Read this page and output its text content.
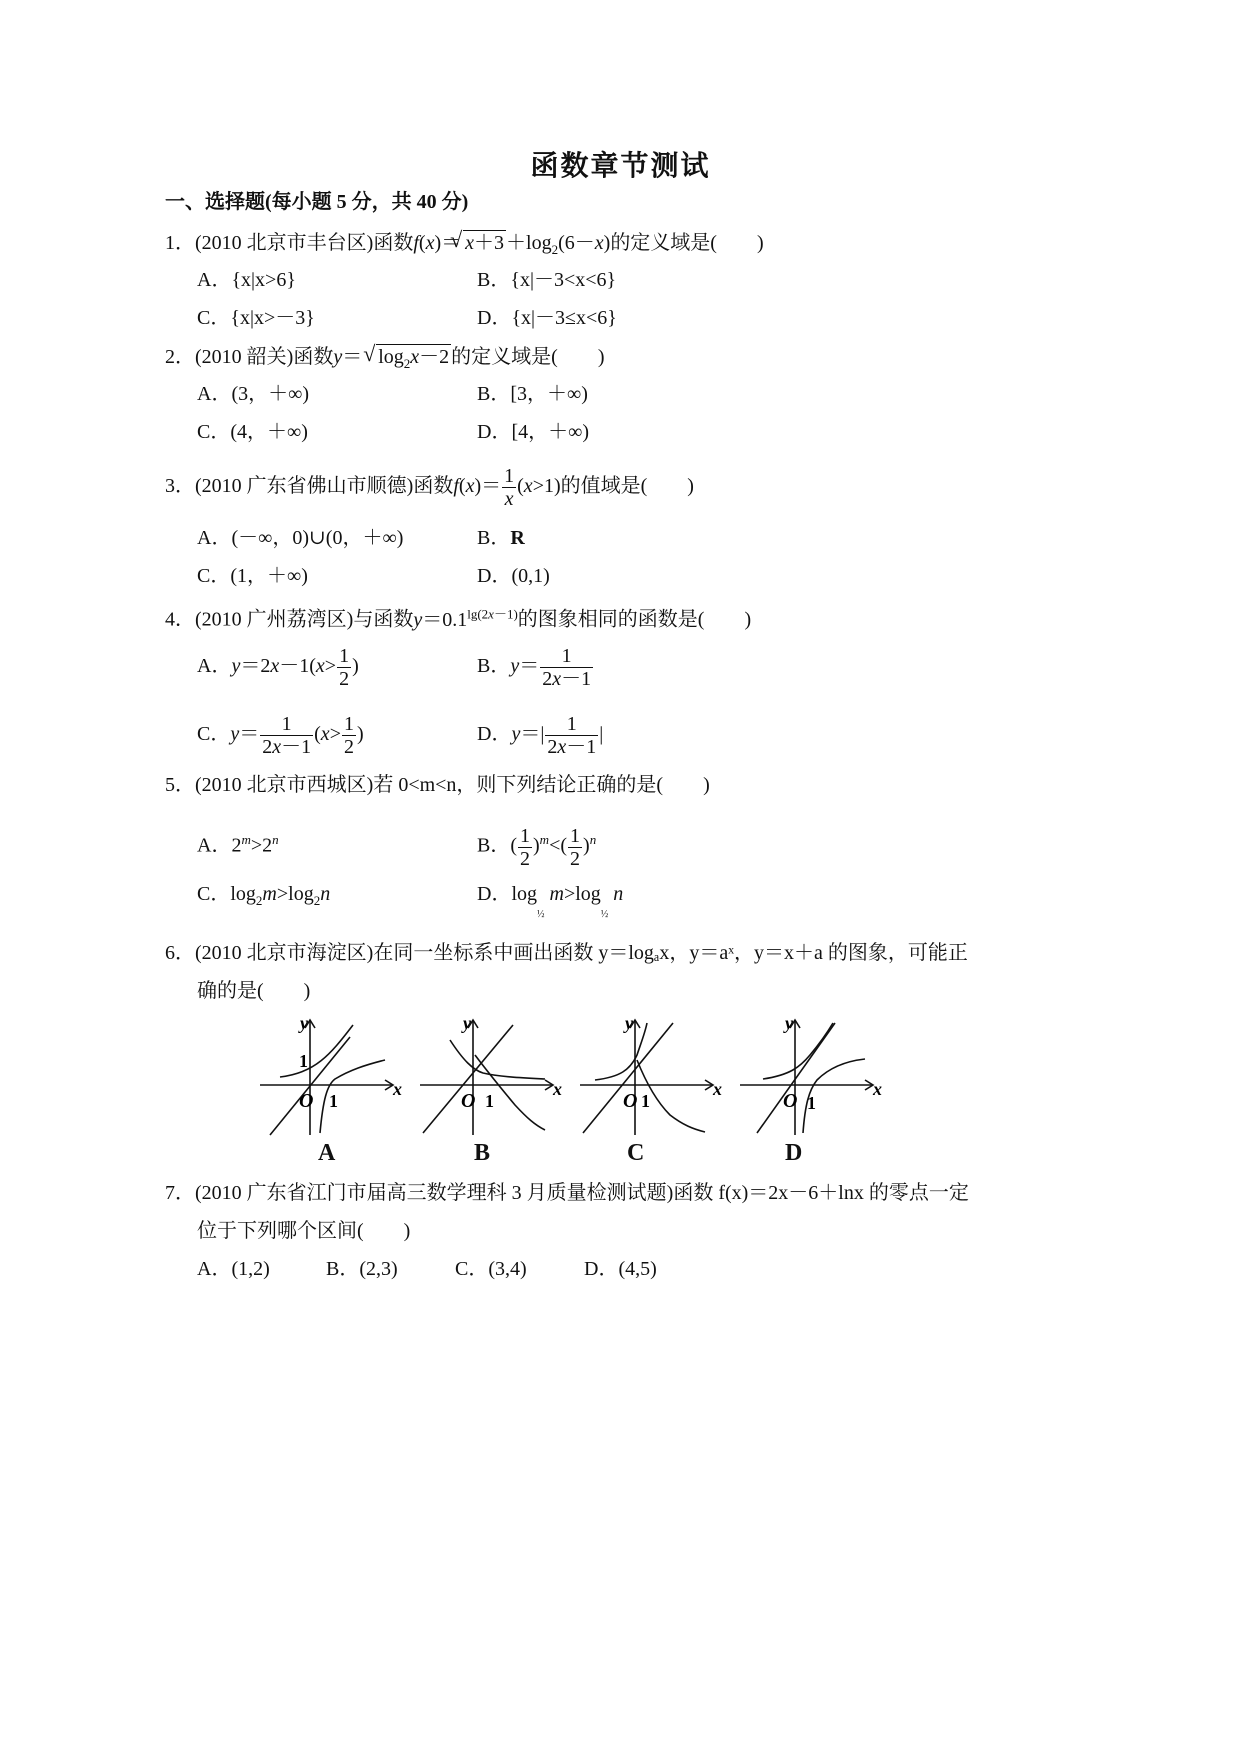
函数章节测试
一、选择题(每小题 5 分，共 40 分)
1．(2010 北京市丰台区)函数f(x)＝ √ $x+3 +\log_2(6-x)$的定义域是(　　)
A．{x|x>6}	B．{x|－3<x<6}
C．{x|x>－3}	D．{x|－3≤x<6}
2．(2010 韶关)函数y＝ √ $\log_2x-2$ 的定义域是(　　)
A．(3，＋∞)	B．[3，＋∞)
C．(4，＋∞)	D．[4，＋∞)
3．(2010 广东省佛山市顺德)函数$f(x)= \frac{1}{x} (x>1)$的值域是(　　)
A．(－∞，0)∪(0，＋∞)	B．R
C．(1，＋∞)	D．(0,1)
4．(2010 广州荔湾区)与函数$y=0.1^{lg(2x-1)}$的图象相同的函数是(　　)
A．$y=2x-1(x> \frac{1}{2}$ )	B．$y= \frac{1}{2x-1}$
C．$y= \frac{1}{2x-1} (x> \frac{1}{2}$ )	D．$y=| \frac{1}{2x-1}$ |
5．(2010 北京市西城区)若 0<m<n，则下列结论正确的是(　　)
A．$2^m>2^n$	B．( $\frac{1}{2} )^m<( \frac{1}{2} )^n$
C．$\log_2m>\log_2n$	D．$\log_{\frac{1}{2}} m>\log_{\frac{1}{2}}$ n
6．(2010 北京市海淀区)在同一坐标系中画出函数 y＝logₐx，y＝aˣ，y＝x＋a 的图象，可能正
确的是(　　)
y
x
1
O 1
A
y
x
O 1
B
y
x
O 1
C
y
x
O 1
D
7．(2010 广东省江门市届高三数学理科 3 月质量检测试题)函数 f(x)＝2x－6＋lnx 的零点一定
位于下列哪个区间(　　)
A．(1,2)	B．(2,3)	C．(3,4)	D．(4,5)
